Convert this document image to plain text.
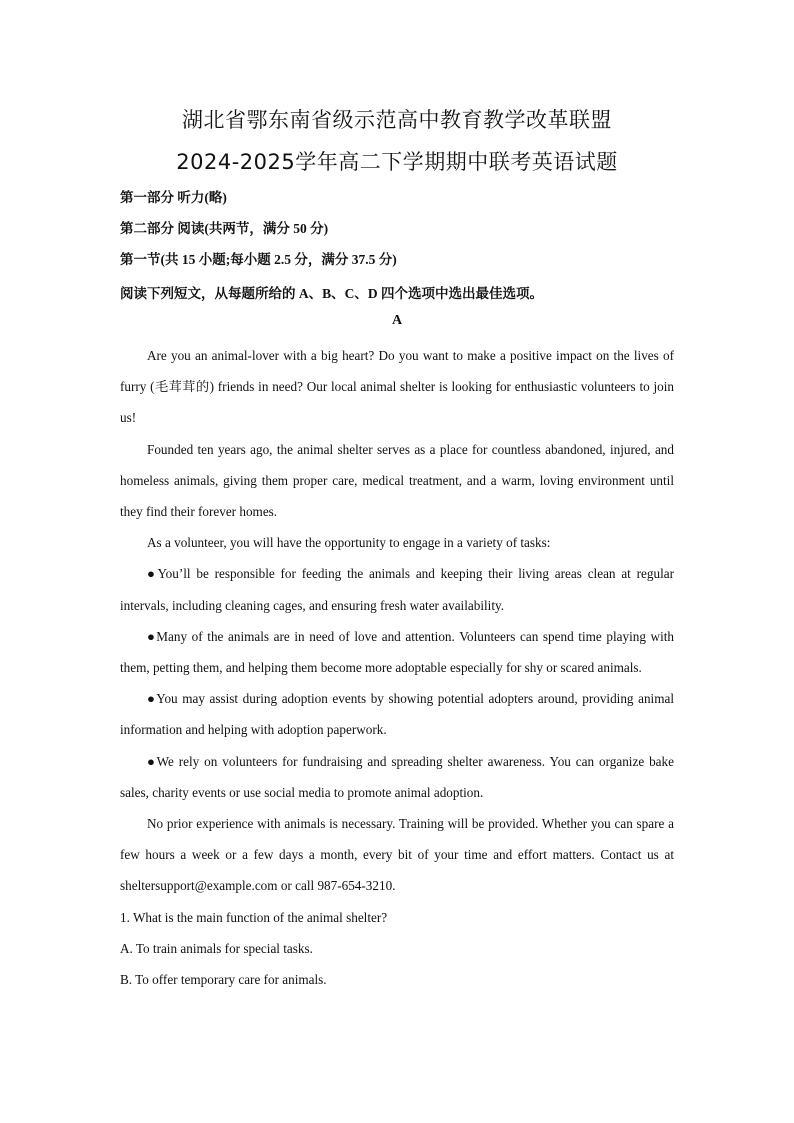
湖北省鄂东南省级示范高中教育教学改革联盟
2024-2025学年高二下学期期中联考英语试题
第一部分 听力(略)
第二部分 阅读(共两节，满分 50 分)
第一节(共 15 小题;每小题 2.5 分，满分 37.5 分)
阅读下列短文，从每题所给的 A、B、C、D 四个选项中选出最佳选项。
A

Are you an animal-lover with a big heart? Do you want to make a positive impact on the lives of furry (毛茸茸的) friends in need? Our local animal shelter is looking for enthusiastic volunteers to join us!

Founded ten years ago, the animal shelter serves as a place for countless abandoned, injured, and homeless animals, giving them proper care, medical treatment, and a warm, loving environment until they find their forever homes.

As a volunteer, you will have the opportunity to engage in a variety of tasks:

●You’ll be responsible for feeding the animals and keeping their living areas clean at regular intervals, including cleaning cages, and ensuring fresh water availability.

●Many of the animals are in need of love and attention. Volunteers can spend time playing with them, petting them, and helping them become more adoptable especially for shy or scared animals.

●You may assist during adoption events by showing potential adopters around, providing animal information and helping with adoption paperwork.

●We rely on volunteers for fundraising and spreading shelter awareness. You can organize bake sales, charity events or use social media to promote animal adoption.

No prior experience with animals is necessary. Training will be provided. Whether you can spare a few hours a week or a few days a month, every bit of your time and effort matters. Contact us at sheltersupport@example.com or call 987-654-3210.

1. What is the main function of the animal shelter?

A. To train animals for special tasks.

B. To offer temporary care for animals.
